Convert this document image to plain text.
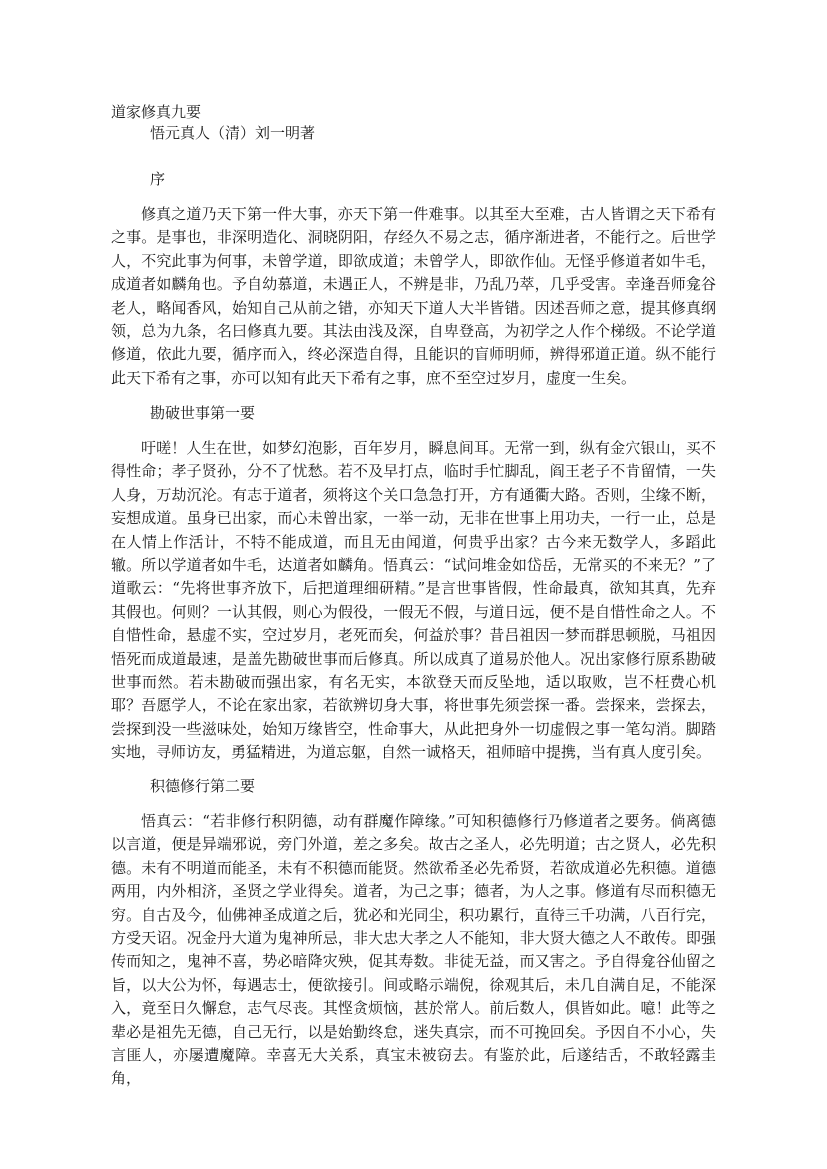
道家修真九要
悟元真人（清）刘一明著
序

修真之道乃天下第一件大事，亦天下第一件难事。以其至大至难，古人皆谓之天下希有之事。是事也，非深明造化、洞晓阴阳，存经久不易之志，循序渐进者，不能行之。后世学人，不究此事为何事，未曾学道，即欲成道；未曾学人，即欲作仙。无怪乎修道者如牛毛，成道者如麟角也。予自幼慕道，未遇正人，不辨是非，乃乱乃萃，几乎受害。幸逢吾师龛谷老人，略闻香风，始知自己从前之错，亦知天下道人大半皆错。因述吾师之意，提其修真纲领，总为九条，名曰修真九要。其法由浅及深，自卑登高，为初学之人作个梯级。不论学道修道，依此九要，循序而入，终必深造自得，且能识的盲师明师，辨得邪道正道。纵不能行此天下希有之事，亦可以知有此天下希有之事，庶不至空过岁月，虚度一生矣。

勘破世事第一要

吁嗟！人生在世，如梦幻泡影，百年岁月，瞬息间耳。无常一到，纵有金穴银山，买不得性命；孝子贤孙，分不了忧愁。若不及早打点，临时手忙脚乱，阎王老子不肯留情，一失人身，万劫沉沦。有志于道者，须将这个关口急急打开，方有通衢大路。否则，尘缘不断，妄想成道。虽身已出家，而心未曾出家，一举一动，无非在世事上用功夫，一行一止，总是在人情上作活计，不特不能成道，而且无由闻道，何贵乎出家？古今来无数学人，多蹈此辙。所以学道者如牛毛，达道者如麟角。悟真云：“试问堆金如岱岳，无常买的不来无？”了道歌云：“先将世事齐放下，后把道理细研精。”是言世事皆假，性命最真，欲知其真，先弃其假也。何则？一认其假，则心为假役，一假无不假，与道日远，便不是自惜性命之人。不自惜性命，悬虚不实，空过岁月，老死而矣，何益於事？昔吕祖因一梦而群思顿脱，马祖因悟死而成道最速，是盖先勘破世事而后修真。所以成真了道易於他人。况出家修行原系勘破世事而然。若未勘破而强出家，有名无实，本欲登天而反坠地，适以取败，岂不枉费心机耶？吾愿学人，不论在家出家，若欲辨切身大事，将世事先须尝探一番。尝探来，尝探去，尝探到没一些滋味处，始知万缘皆空，性命事大，从此把身外一切虚假之事一笔勾消。脚踏实地，寻师访友，勇猛精进，为道忘躯，自然一诚格天，祖师暗中提携，当有真人度引矣。

积德修行第二要

悟真云：“若非修行积阴德，动有群魔作障缘。”可知积德修行乃修道者之要务。倘离德以言道，便是异端邪说，旁门外道，差之多矣。故古之圣人，必先明道；古之贤人，必先积德。未有不明道而能圣，未有不积德而能贤。然欲希圣必先希贤，若欲成道必先积德。道德两用，内外相济，圣贤之学业得矣。道者，为己之事；德者，为人之事。修道有尽而积德无穷。自古及今，仙佛神圣成道之后，犹必和光同尘，积功累行，直待三千功满，八百行完，方受天诏。况金丹大道为鬼神所忌，非大忠大孝之人不能知，非大贤大德之人不敢传。即强传而知之，鬼神不喜，势必暗降灾殃，促其寿数。非徒无益，而又害之。予自得龛谷仙留之旨，以大公为怀，每遇志士，便欲接引。间或略示端倪，徐观其后，未几自满自足，不能深入，竟至日久懈怠，志气尽丧。其悭贪烦恼，甚於常人。前后数人，俱皆如此。噫！此等之辈必是祖先无德，自己无行，以是始勤终怠，迷失真宗，而不可挽回矣。予因自不小心，失言匪人，亦屡遭魔障。幸喜无大关系，真宝未被窃去。有鉴於此，后遂结舌，不敢轻露圭角，
